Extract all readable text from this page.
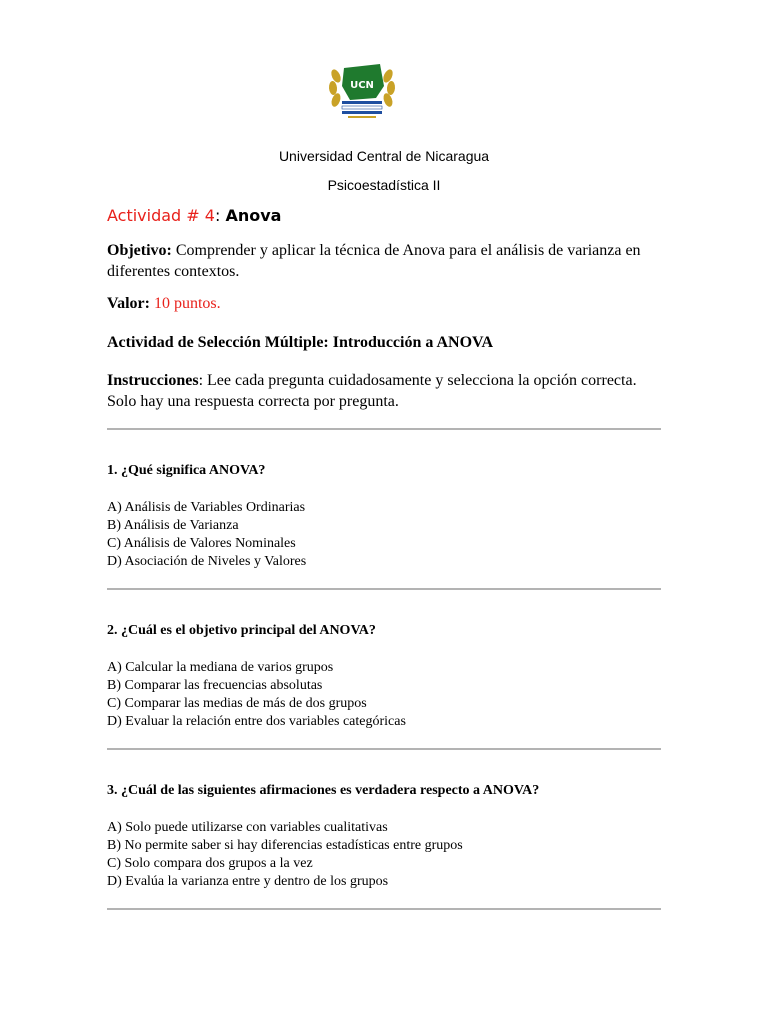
UCN
Universidad Central de Nicaragua
Psicoestadística II
Actividad # 4: Anova
Objetivo: Comprender y aplicar la técnica de Anova para el análisis de varianza en diferentes contextos.
Valor: 10 puntos.
Actividad de Selección Múltiple: Introducción a ANOVA
Instrucciones: Lee cada pregunta cuidadosamente y selecciona la opción correcta. Solo hay una respuesta correcta por pregunta.
1. ¿Qué significa ANOVA?
A) Análisis de Variables Ordinarias
B) Análisis de Varianza
C) Análisis de Valores Nominales
D) Asociación de Niveles y Valores
2. ¿Cuál es el objetivo principal del ANOVA?
A) Calcular la mediana de varios grupos
B) Comparar las frecuencias absolutas
C) Comparar las medias de más de dos grupos
D) Evaluar la relación entre dos variables categóricas
3. ¿Cuál de las siguientes afirmaciones es verdadera respecto a ANOVA?
A) Solo puede utilizarse con variables cualitativas
B) No permite saber si hay diferencias estadísticas entre grupos
C) Solo compara dos grupos a la vez
D) Evalúa la varianza entre y dentro de los grupos
